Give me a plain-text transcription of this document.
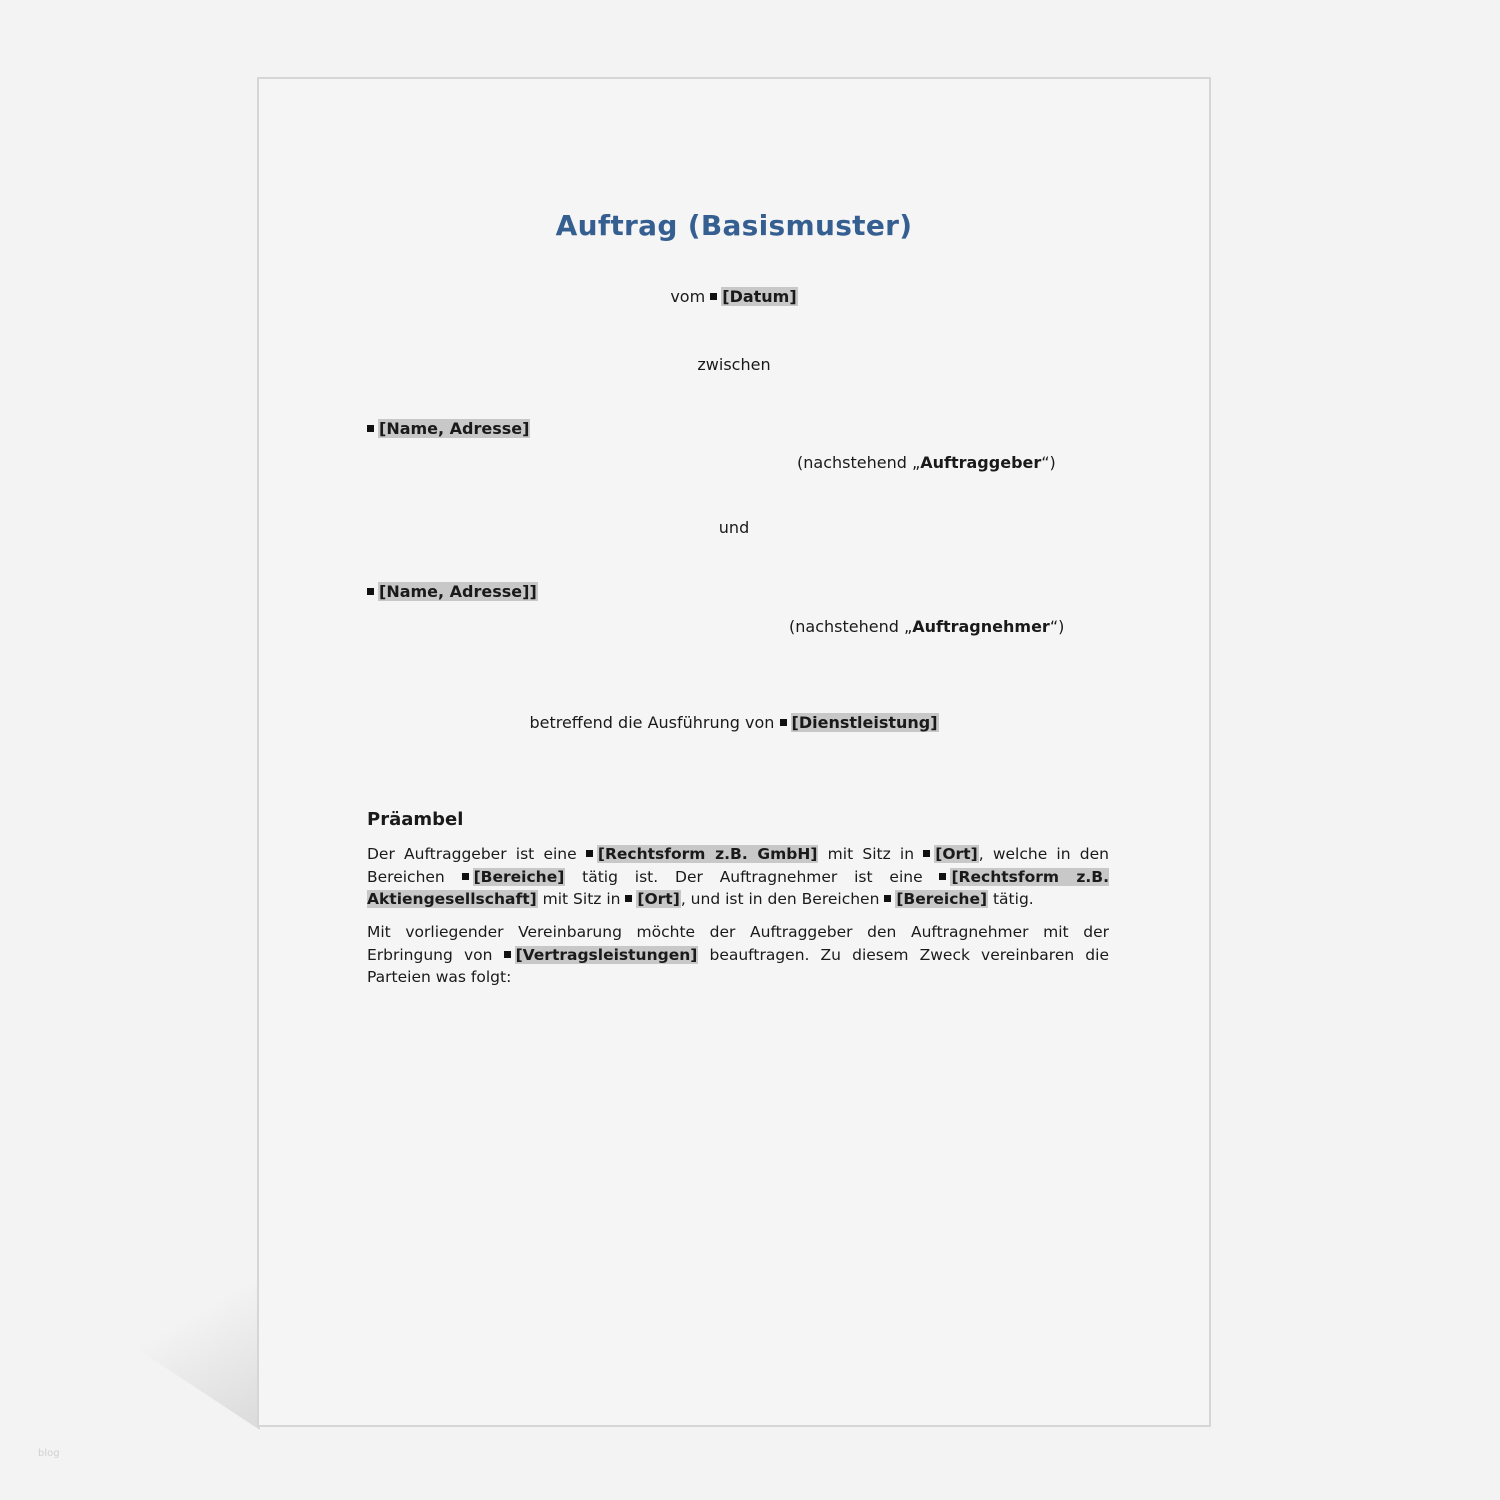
Auftrag (Basismuster)
vom [Datum]
zwischen
[Name, Adresse]
(nachstehend „Auftraggeber“)
und
[Name, Adresse]]
(nachstehend „Auftragnehmer“)
betreffend die Ausführung von [Dienstleistung]
Präambel
Der Auftraggeber ist eine [Rechtsform z.B. GmbH] mit Sitz in [Ort], welche in den Bereichen [Bereiche] tätig ist. Der Auftragnehmer ist eine [Rechtsform z.B. Aktiengesellschaft] mit Sitz in [Ort], und ist in den Bereichen [Bereiche] tätig.
Mit vorliegender Vereinbarung möchte der Auftraggeber den Auftragnehmer mit der Erbringung von [Vertragsleistungen] beauftragen. Zu diesem Zweck vereinbaren die Parteien was folgt:
blog
